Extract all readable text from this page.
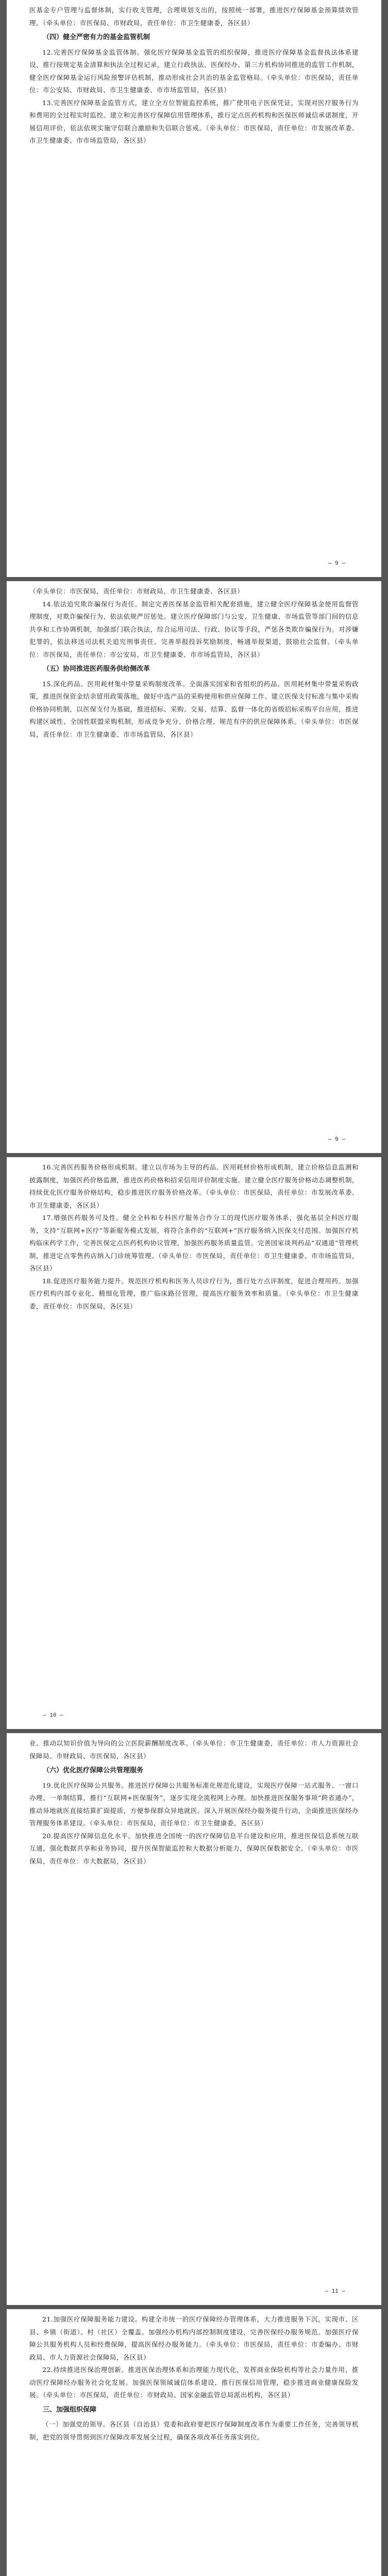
医基金专户管理与监督体制，实行收支管理，合理规划支出的，按照统一部署，推进医疗保障基金预算绩效管理。（牵头单位：市医保局、市财政局，责任单位：市卫生健康委，各区县）

（四）健全严密有力的基金监管机制

12.完善医疗保障基金监管体制。强化医疗保障基金监管的组织保障，推进医疗保障基金监督执法体系建设，推行按规定基金清算和执法全过程记录，建立行政执法、医保经办、第三方机构协同推进的监管工作机制，健全医疗保障基金运行风险预警评估机制，推动形成社会共治的基金监管格局。（牵头单位：市医保局，责任单位：市公安局、市财政局、市卫生健康委、市市场监管局，各区县）

13.完善医疗保障基金监管方式，建立全方位智能监控系统，推广使用电子医保凭证，实现对医疗服务行为和费用的全过程实时监控。建立和完善医疗保障信用管理体系，推行定点医药机构和医保医师诚信承诺制度，开展信用评价，依法依规实施守信联合激励和失信联合惩戒。（牵头单位：市医保局，责任单位：市发展改革委、市卫生健康委、市市场监管局，各区县）

— 9 —

（牵头单位：市医保局，责任单位：市财政局、市卫生健康委、各区县）

14.依法追究欺诈骗保行为责任。制定完善医保基金监管相关配套措施，建立健全医疗保障基金使用监督管理制度，对欺诈骗保行为，依法依规严厉惩处。建立医疗保障部门与公安、卫生健康、市场监管等部门间的信息共享和工作协调机制，加强部门联合执法，综合运用司法、行政、协议等手段，严惩各类欺诈骗保行为。对涉嫌犯罪的，依法移送司法机关追究刑事责任。完善举报投诉奖励制度，畅通举报渠道，鼓励社会监督。（牵头单位：市医保局，责任单位：市公安局、市卫生健康委、市市场监管局，各区县）

（五）协同推进医药服务供给侧改革

15.深化药品、医用耗材集中带量采购制度改革。全面落实国家和省组织的药品、医用耗材集中带量采购政策，推进医保资金结余留用政策落地，做好中选产品的采购使用和供应保障工作。建立医保支付标准与集中采购价格协同机制，以医保支付为基础，推进招标、采购、交易、结算、监督一体化的省级招标采购平台应用，推进构建区域性、全国性联盟采购机制，形成竞争充分、价格合理、规范有序的供应保障体系。（牵头单位：市医保局，责任单位：市卫生健康委、市市场监管局，各区县）

— 9 —

16.完善医药服务价格形成机制。建立以市场为主导的药品、医用耗材价格形成机制，建立价格信息监测和披露制度，加强医药价格监测，推进医药价格和招采信用评价制度实施。建立健全医疗服务价格动态调整机制，持续优化医疗服务价格结构，稳步推进医疗服务价格改革。（牵头单位：市医保局，责任单位：市发展改革委、市卫生健康委，各区县）

17.增强医药服务可及性。健全全科和专科医疗服务合作分工的现代医疗服务体系，强化基层全科医疗服务，支持“互联网+医疗”等新服务模式发展，将符合条件的“互联网+”医疗服务纳入医保支付范围。加强医疗机构临床药学工作，完善医保定点医药机构协议管理，加强医药服务质量监管。完善国家谈判药品“双通道”管理机制，推进定点零售药店纳入门诊统筹管理。（牵头单位：市医保局，责任单位：市卫生健康委、市市场监管局，各区县）

18.促进医疗服务能力提升。规范医疗机构和医务人员诊疗行为，推行处方点评制度，促进合理用药。加强医疗机构内部专业化、精细化管理，推广临床路径管理，提高医疗服务效率和质量。（牵头单位：市卫生健康委，责任单位：市医保局，各区县）

— 10 —

业、推动以知识价值为导向的公立医院薪酬制度改革。（牵头单位：市卫生健康委，责任单位：市人力资源社会保障局、市财政局、市医保局，各区县）

（六）优化医疗保障公共管理服务

19.优化医疗保障公共服务。推进医疗保障公共服务标准化规范化建设，实现医疗保障一站式服务、一窗口办理、一单制结算，推行“互联网+医保服务”，逐步实现全流程网上办理。加快推进医保服务事项“跨省通办”，推动异地就医直接结算扩面提质，方便参保群众异地就医。深入开展医保经办服务提升行动，全面推进医保经办管理服务体系建设。（牵头单位：市医保局，责任单位：市卫生健康委，各区县）

20.提高医疗保障信息化水平。加快推进全国统一的医疗保障信息平台建设和应用，推进医保信息系统互联互通，强化数据共享和业务协同，提升医保智能监控和大数据分析能力，保障医保数据安全。（牵头单位：市医保局，责任单位：市大数据局，各区县）

— 11 —

21.加强医疗保障服务能力建设。构建全市统一的医疗保障经办管理体系，大力推进服务下沉，实现市、区县、乡镇（街道）、村（社区）全覆盖。加强经办机构内部控制制度建设，完善医保经办服务规范。加强医疗保障公共服务机构人员和经费保障，提高医保经办服务能力。（牵头单位：市医保局，责任单位：市委编办、市财政局、市人力资源社会保障局，各区县）

22.持续推进医保治理创新。推进医保治理体系和治理能力现代化，发挥商业保险机构等社会力量作用，推动医疗保障经办服务社会化发展。加强医保领域诚信体系建设，推行医保信用管理，稳步推进商业健康保险发展。（牵头单位：市医保局，责任单位：市财政局、国家金融监管总局派出机构，各区县）

三、加强组织保障

（一）加强党的领导。各区县（自治县）党委和政府要把医疗保障制度改革作为重要工作任务，完善领导机制，把党的领导贯彻到医疗保障改革发展全过程，确保各项改革任务落实到位。
